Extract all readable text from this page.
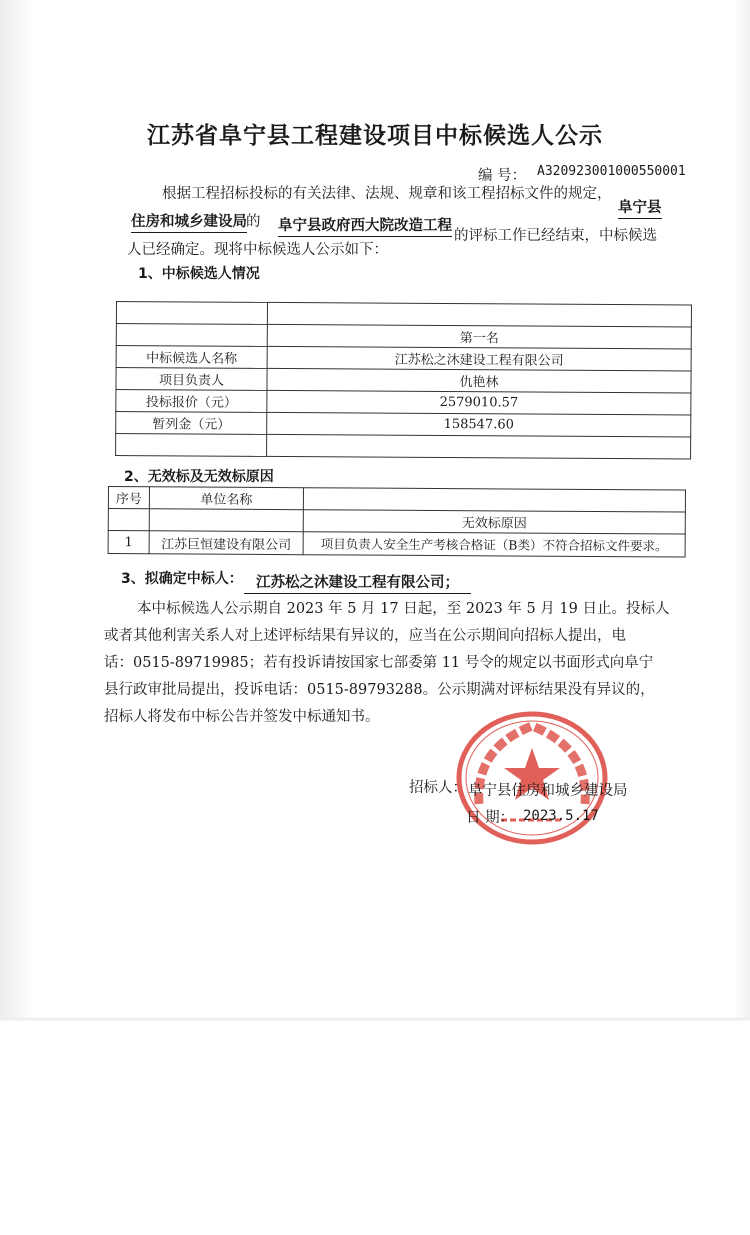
江苏省阜宁县工程建设项目中标候选人公示
编 号： A3209230010005500​01
根据工程招标投标的有关法律、法规、规章和该工程招标文件的规定，
阜宁县
住房和城乡建设局 的 阜宁县政府西大院改造工程
的评标工作已经结束，中标候选
人已经确定。现将中标候选人公示如下：
1、中标候选人情况

	第一名
中标候选人名称	江苏松之沐建设工程有限公司
项目负责人	仇艳林
投标报价（元）	2579010.57
暂列金（元）	158547.60

2、无效标及无效标原因
序号	单位名称	
		无效标原因
1	江苏巨恒建设有限公司	项目负责人安全生产考核合格证（B类）不符合招标文件要求。
3、拟确定中标人： 江苏松之沐建设工程有限公司；
本中标候选人公示期自 2023 年 5 月 17 日起，至 2023 年 5 月 19 日止。投标人
或者其他利害关系人对上述评标结果有异议的，应当在公示期间向招标人提出，电
话：0515-89719985；若有投诉请按国家七部委第 11 号令的规定以书面形式向阜宁
县行政审批局提出，投诉电话：0515-89793288。公示期满对评标结果没有异议的，
招标人将发布中标公告并签发中标通知书。
招标人： 阜宁县住房和城乡建设局
日 期： 2023.5.17
